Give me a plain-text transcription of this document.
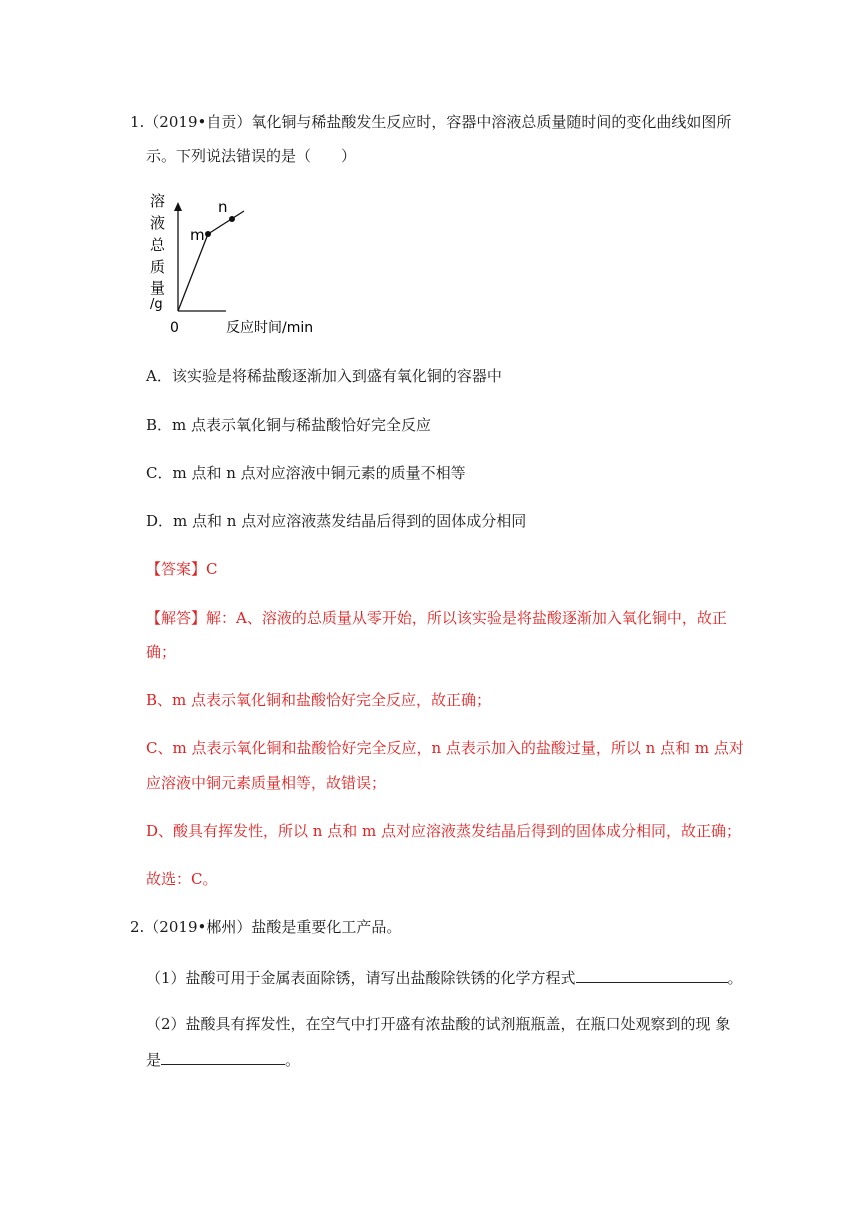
1.（2019•自贡）氧化铜与稀盐酸发生反应时，容器中溶液总质量随时间的变化曲线如图所
示。下列说法错误的是（　　）
溶
液
总
质
量
/g
m
n
0	反应时间/min
A．该实验是将稀盐酸逐渐加入到盛有氧化铜的容器中
B．m 点表示氧化铜与稀盐酸恰好完全反应
C．m 点和 n 点对应溶液中铜元素的质量不相等
D．m 点和 n 点对应溶液蒸发结晶后得到的固体成分相同
【答案】C
【解答】解：A、溶液的总质量从零开始，所以该实验是将盐酸逐渐加入氧化铜中，故正
确；
B、m 点表示氧化铜和盐酸恰好完全反应，故正确；
C、m 点表示氧化铜和盐酸恰好完全反应，n 点表示加入的盐酸过量，所以 n 点和 m 点对
应溶液中铜元素质量相等，故错误；
D、酸具有挥发性，所以 n 点和 m 点对应溶液蒸发结晶后得到的固体成分相同，故正确；
故选：C。
2.（2019•郴州）盐酸是重要化工产品。
（1）盐酸可用于金属表面除锈，请写出盐酸除铁锈的化学方程式	。
（2）盐酸具有挥发性，在空气中打开盛有浓盐酸的试剂瓶瓶盖，在瓶口处观察到的现 象
是	。
